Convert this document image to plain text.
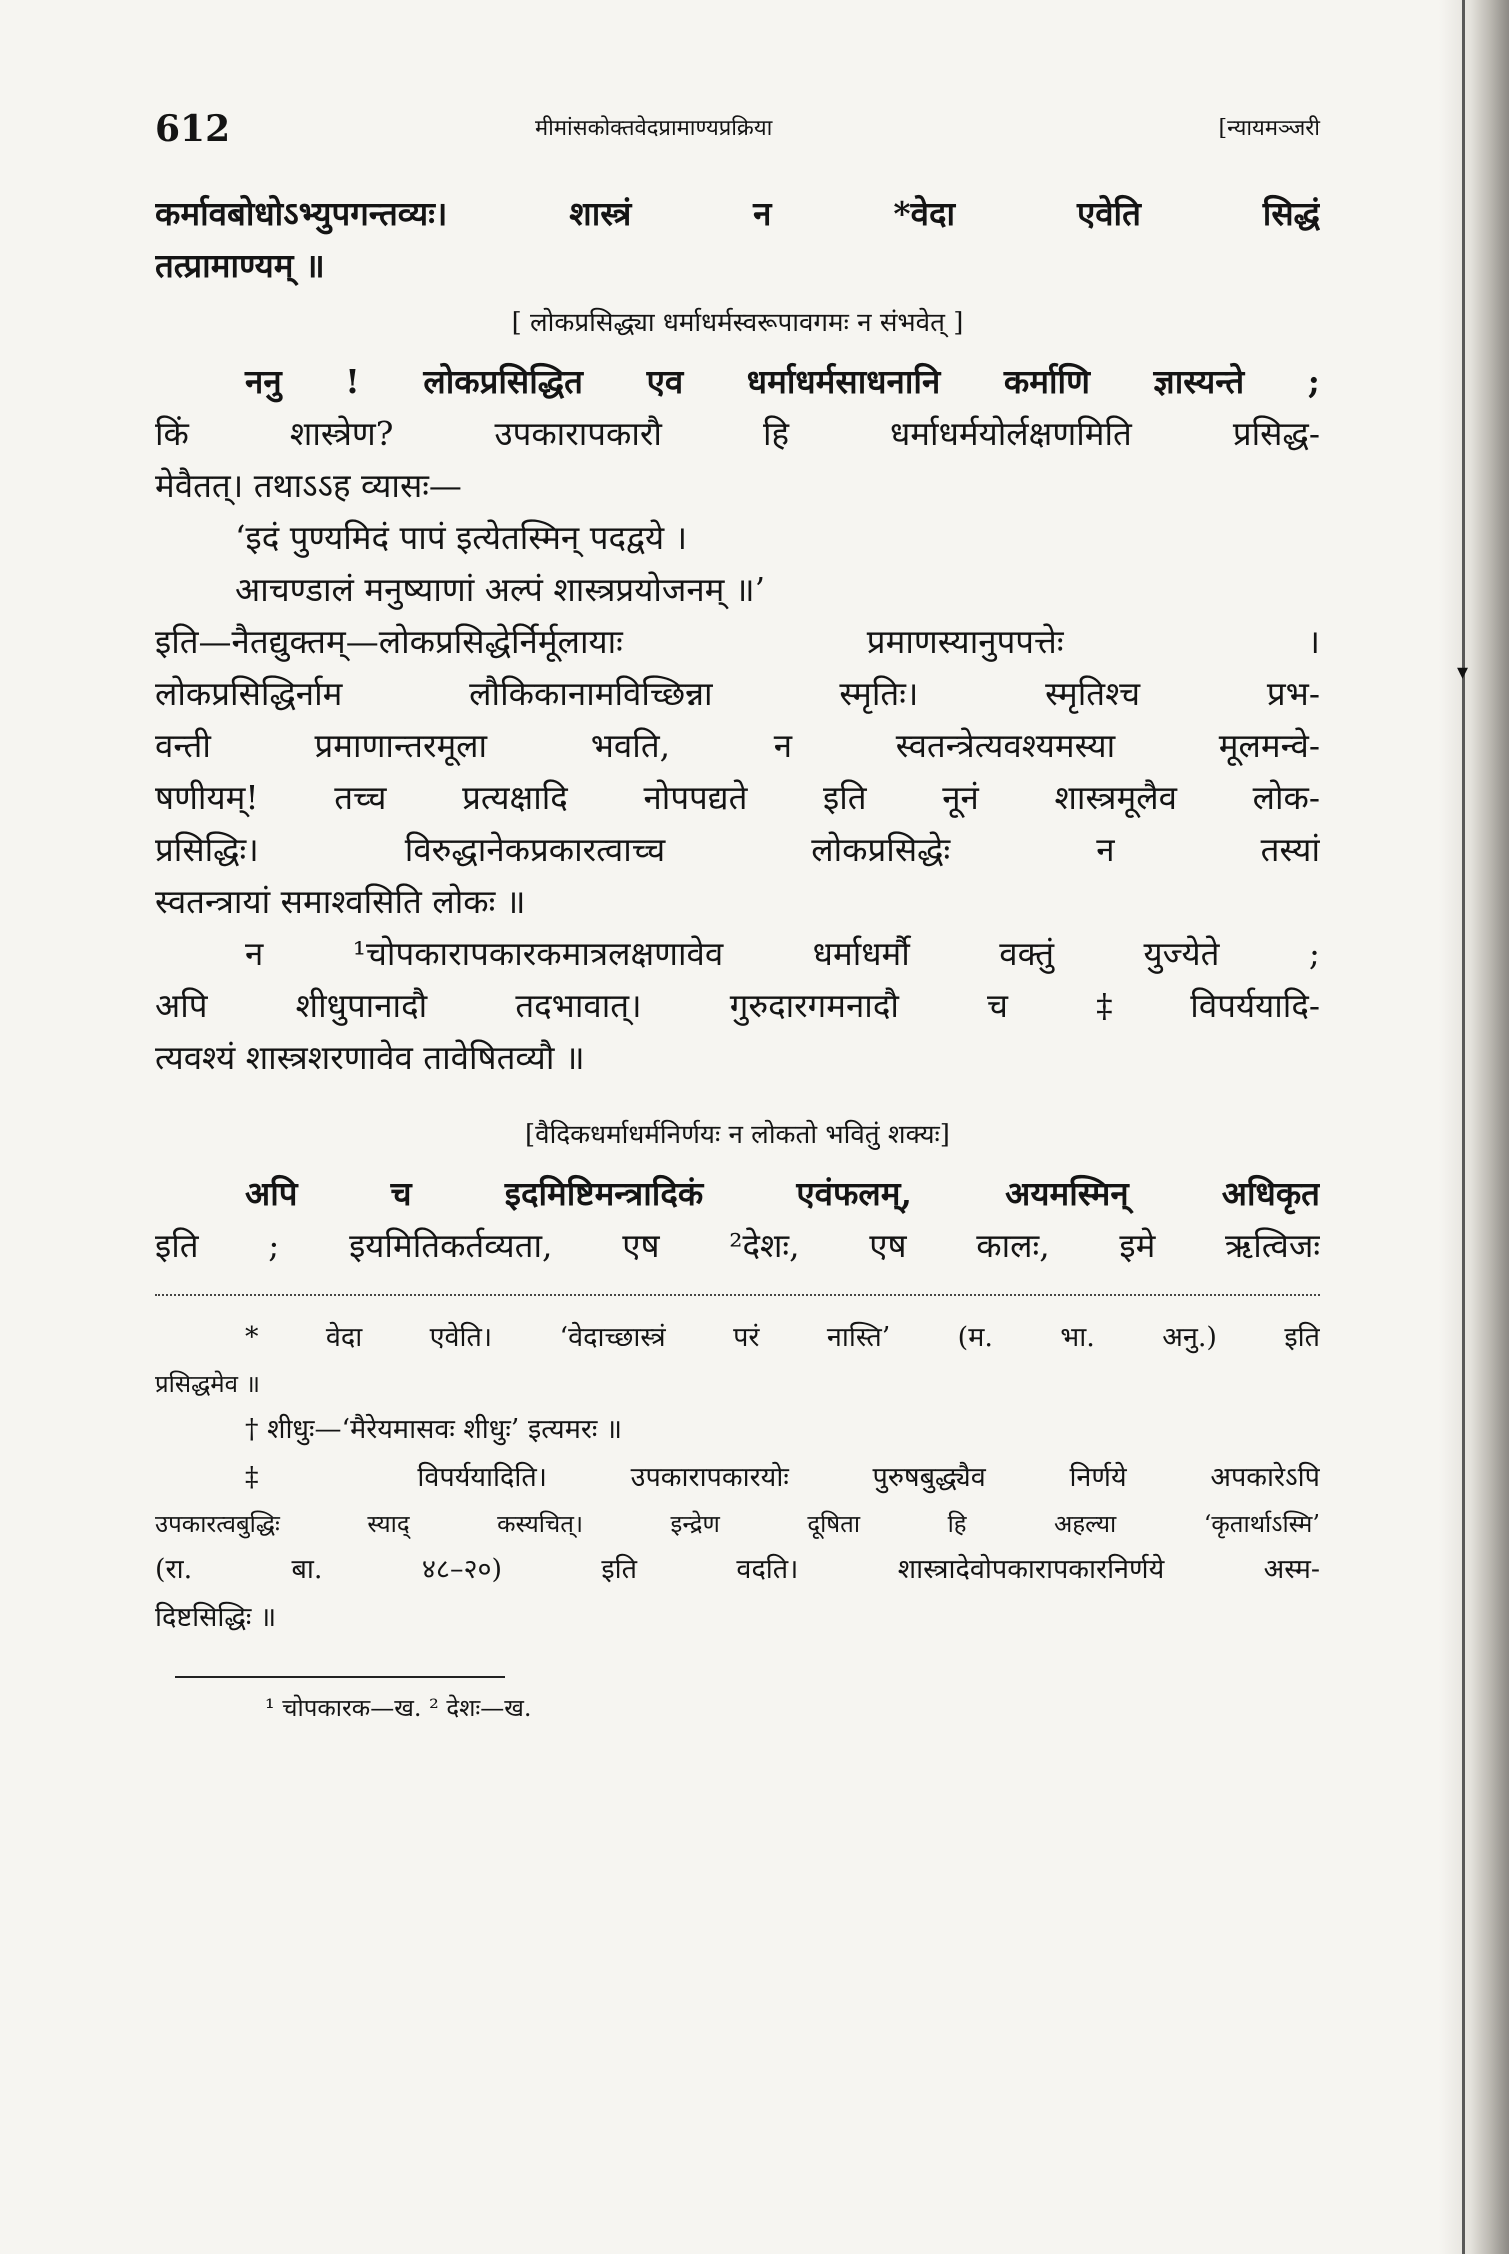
▾
612	मीमांसकोक्तवेदप्रामाण्यप्रक्रिया	[न्यायमञ्जरी
कर्मावबोधोऽभ्युपगन्तव्यः। शास्त्रं न *वेदा एवेति सिद्धं
तत्प्रामाण्यम् ॥
[ लोकप्रसिद्ध्या धर्माधर्मस्वरूपावगमः न संभवेत् ]
ननु ! लोकप्रसिद्धित एव धर्माधर्मसाधनानि कर्माणि ज्ञास्यन्ते ;
किं शास्त्रेण? उपकारापकारौ हि धर्माधर्मयोर्लक्षणमिति प्रसिद्ध-
मेवैतत्। तथाऽऽह व्यासः—
‘इदं पुण्यमिदं पापं इत्येतस्मिन् पदद्वये ।
आचण्डालं मनुष्याणां अल्पं शास्त्रप्रयोजनम् ॥’
इति—नैतद्युक्तम्—लोकप्रसिद्धेर्निर्मूलायाः प्रमाणस्यानुपपत्तेः ।
लोकप्रसिद्धिर्नाम लौकिकानामविच्छिन्ना स्मृतिः। स्मृतिश्च प्रभ-
वन्ती प्रमाणान्तरमूला भवति, न स्वतन्त्रेत्यवश्यमस्या मूलमन्वे-
षणीयम्! तच्च प्रत्यक्षादि नोपपद्यते इति नूनं शास्त्रमूलैव लोक-
प्रसिद्धिः। विरुद्धानेकप्रकारत्वाच्च लोकप्रसिद्धेः न तस्यां
स्वतन्त्रायां समाश्वसिति लोकः ॥
न ¹चोपकारापकारकमात्रलक्षणावेव धर्माधर्मौ वक्तुं युज्येते ;
अपि शीधुपानादौ तदभावात्। गुरुदारगमनादौ च ‡विपर्ययादि-
त्यवश्यं शास्त्रशरणावेव तावेषितव्यौ ॥
[वैदिकधर्माधर्मनिर्णयः न लोकतो भवितुं शक्यः]
अपि च इदमिष्टिमन्त्रादिकं एवंफलम्, अयमस्मिन् अधिकृत
इति ; इयमितिकर्तव्यता, एष ²देशः, एष कालः, इमे ऋत्विजः
* वेदा एवेति। ‘वेदाच्छास्त्रं परं नास्ति’ (म. भा. अनु.) इति
प्रसिद्धमेव ॥
† शीधुः—‘मैरेयमासवः शीधुः’ इत्यमरः ॥
‡ विपर्ययादिति। उपकारापकारयोः पुरुषबुद्ध्यैव निर्णये अपकारेऽपि
उपकारत्वबुद्धिः स्याद् कस्यचित्। इन्द्रेण दूषिता हि अहल्या ‘कृतार्थाऽस्मि’
(रा. बा. ४८–२०) इति वदति। शास्त्रादेवोपकारापकारनिर्णये अस्म-
दिष्टसिद्धिः ॥
¹ चोपकारक—ख. ² देशः—ख.
